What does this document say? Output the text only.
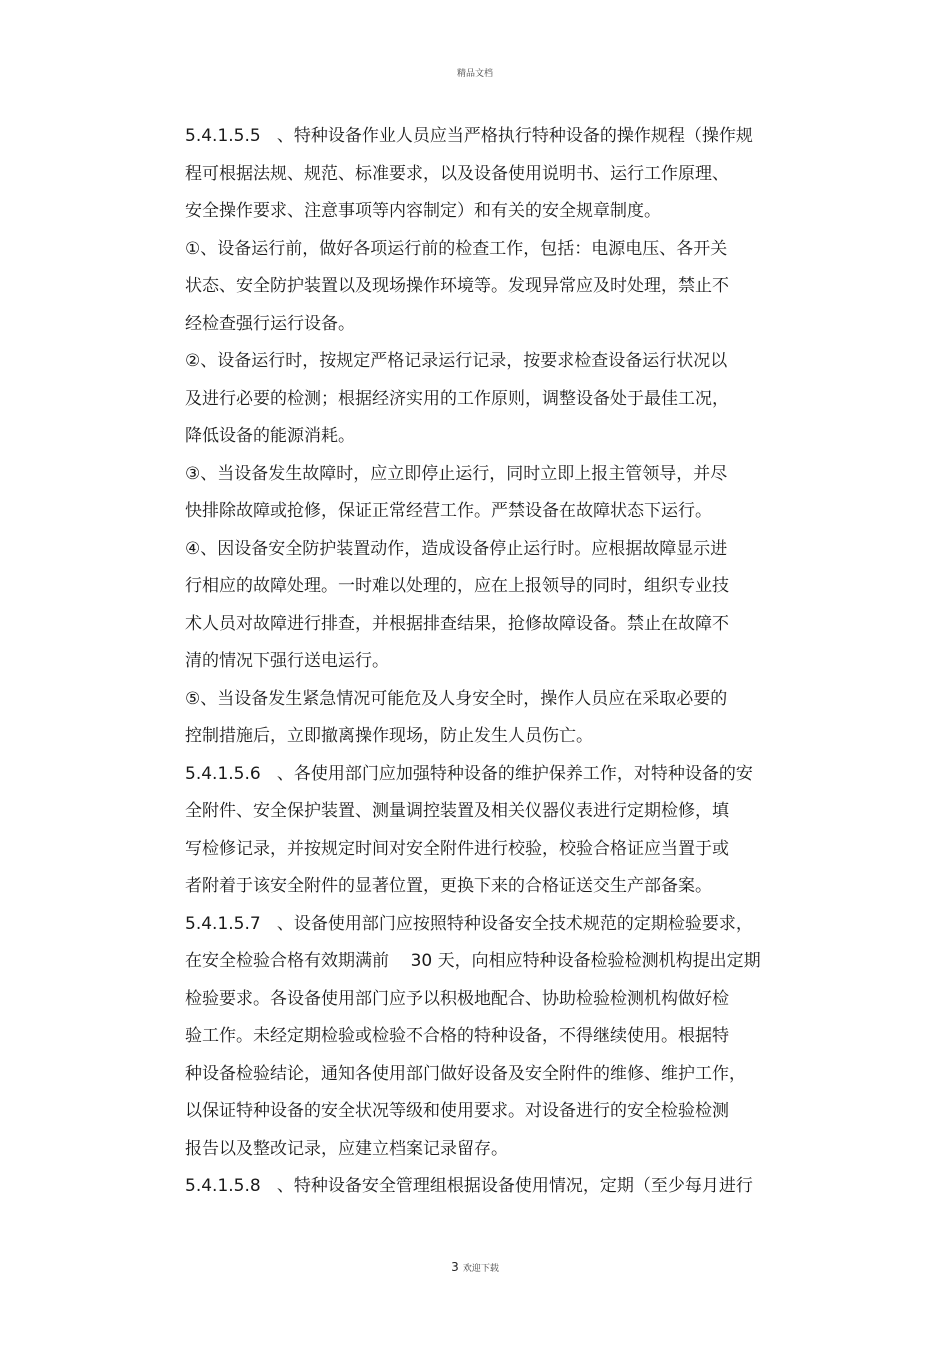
精品文档
5.4.1.5.5   、特种设备作业人员应当严格执行特种设备的操作规程（操作规
程可根据法规、规范、标准要求，以及设备使用说明书、运行工作原理、
安全操作要求、注意事项等内容制定）和有关的安全规章制度。
①、设备运行前，做好各项运行前的检查工作，包括：电源电压、各开关
状态、安全防护装置以及现场操作环境等。发现异常应及时处理，禁止不
经检查强行运行设备。
②、设备运行时，按规定严格记录运行记录，按要求检查设备运行状况以
及进行必要的检测；根据经济实用的工作原则，调整设备处于最佳工况，
降低设备的能源消耗。
③、当设备发生故障时，应立即停止运行，同时立即上报主管领导，并尽
快排除故障或抢修，保证正常经营工作。严禁设备在故障状态下运行。
④、因设备安全防护装置动作，造成设备停止运行时。应根据故障显示进
行相应的故障处理。一时难以处理的，应在上报领导的同时，组织专业技
术人员对故障进行排查，并根据排查结果，抢修故障设备。禁止在故障不
清的情况下强行送电运行。
⑤、当设备发生紧急情况可能危及人身安全时，操作人员应在采取必要的
控制措施后，立即撤离操作现场，防止发生人员伤亡。
5.4.1.5.6   、各使用部门应加强特种设备的维护保养工作，对特种设备的安
全附件、安全保护装置、测量调控装置及相关仪器仪表进行定期检修，填
写检修记录，并按规定时间对安全附件进行校验，校验合格证应当置于或
者附着于该安全附件的显著位置，更换下来的合格证送交生产部备案。
5.4.1.5.7   、设备使用部门应按照特种设备安全技术规范的定期检验要求，
在安全检验合格有效期满前    30 天，向相应特种设备检验检测机构提出定期
检验要求。各设备使用部门应予以积极地配合、协助检验检测机构做好检
验工作。未经定期检验或检验不合格的特种设备，不得继续使用。根据特
种设备检验结论，通知各使用部门做好设备及安全附件的维修、维护工作，
以保证特种设备的安全状况等级和使用要求。对设备进行的安全检验检测
报告以及整改记录，应建立档案记录留存。
5.4.1.5.8   、特种设备安全管理组根据设备使用情况，定期（至少每月进行
3 欢迎下载
